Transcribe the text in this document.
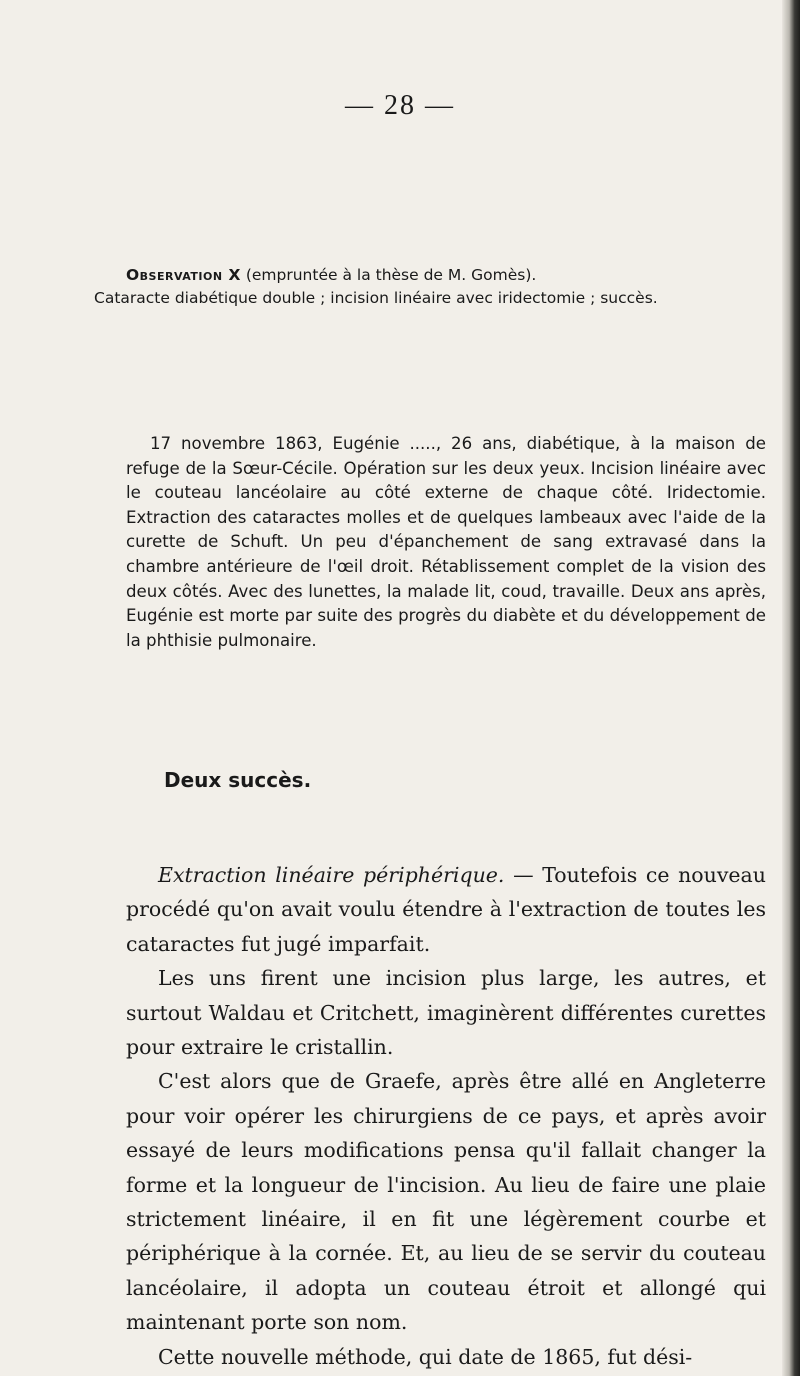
— 28 —

Observation X (empruntée à la thèse de M. Gomès).

Cataracte diabétique double ; incision linéaire avec iridectomie ; succès.

17 novembre 1863, Eugénie ....., 26 ans, diabétique, à la maison de refuge de la Sœur-Cécile. Opération sur les deux yeux. Incision linéaire avec le couteau lancéolaire au côté externe de chaque côté. Iridectomie. Extraction des cataractes molles et de quelques lambeaux avec l'aide de la curette de Schuft. Un peu d'épanchement de sang extravasé dans la chambre antérieure de l'œil droit. Rétablissement complet de la vision des deux côtés. Avec des lunettes, la malade lit, coud, travaille. Deux ans après, Eugénie est morte par suite des progrès du diabète et du développement de la phthisie pulmonaire.

Deux succès.

Extraction linéaire périphérique. — Toutefois ce nouveau procédé qu'on avait voulu étendre à l'extraction de toutes les cataractes fut jugé imparfait.

Les uns firent une incision plus large, les autres, et surtout Waldau et Critchett, imaginèrent différentes curettes pour extraire le cristallin.

C'est alors que de Graefe, après être allé en Angleterre pour voir opérer les chirurgiens de ce pays, et après avoir essayé de leurs modifications pensa qu'il fallait changer la forme et la longueur de l'incision. Au lieu de faire une plaie strictement linéaire, il en fit une légèrement courbe et périphérique à la cornée. Et, au lieu de se servir du couteau lancéolaire, il adopta un couteau étroit et allongé qui maintenant porte son nom.

Cette nouvelle méthode, qui date de 1865, fut dési-
